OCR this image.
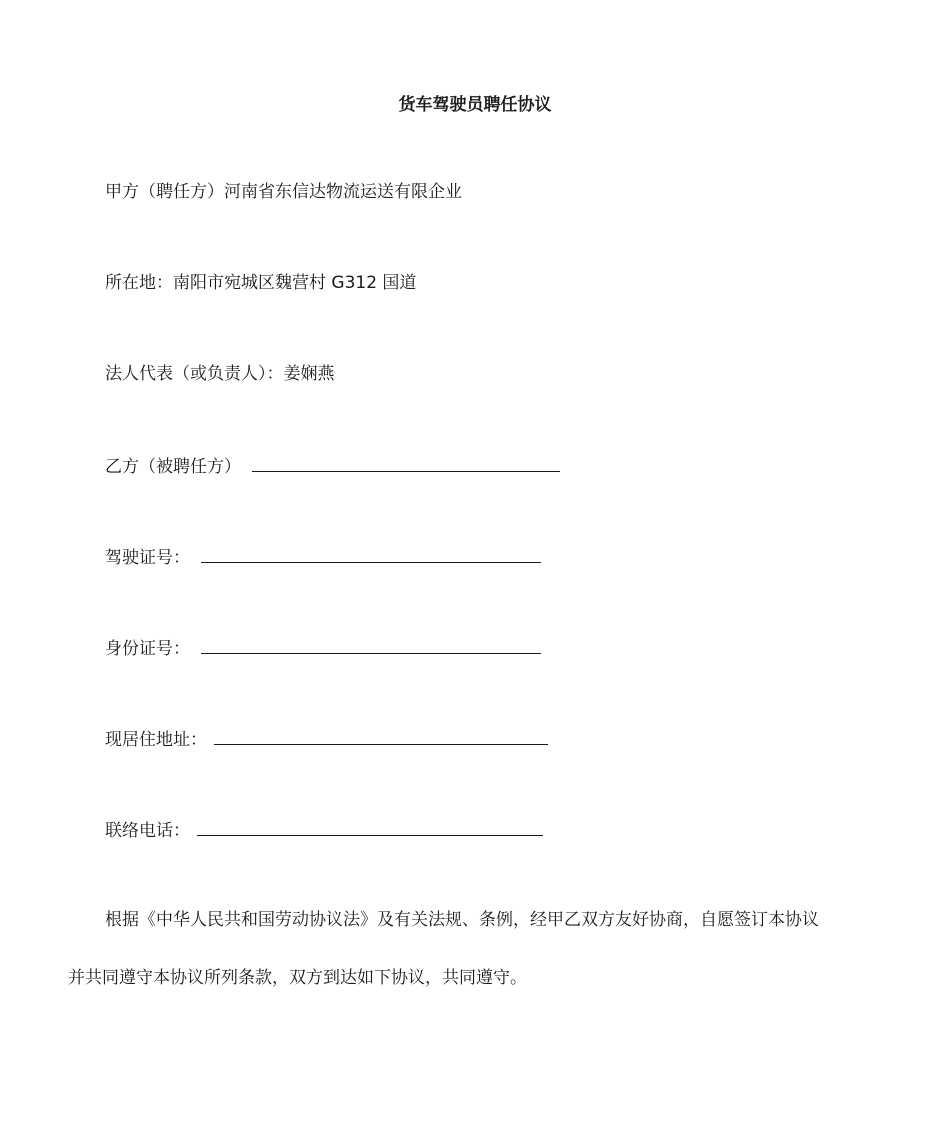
货车驾驶员聘任协议
甲方（聘任方）河南省东信达物流运送有限企业
所在地：南阳市宛城区魏营村 G312 国道
法人代表（或负责人）：姜娴燕
乙方（被聘任方）
驾驶证号：
身份证号：
现居住地址：
联络电话：
根据《中华人民共和国劳动协议法》及有关法规、条例，经甲乙双方友好协商，自愿签订本协议
并共同遵守本协议所列条款，双方到达如下协议，共同遵守。
